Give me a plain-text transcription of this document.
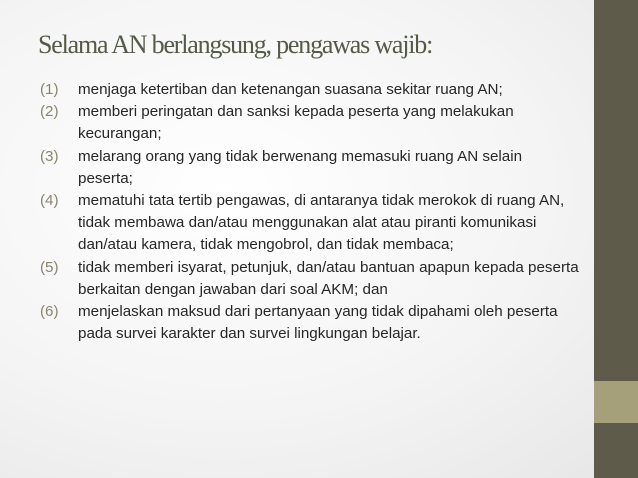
Selama AN berlangsung, pengawas wajib:
(1) menjaga ketertiban dan ketenangan suasana sekitar ruang AN;
(2) memberi peringatan dan sanksi kepada peserta yang melakukan kecurangan;
(3) melarang orang yang tidak berwenang memasuki ruang AN selain peserta;
(4) mematuhi tata tertib pengawas, di antaranya tidak merokok di ruang AN, tidak membawa dan/atau menggunakan alat atau piranti komunikasi dan/atau kamera, tidak mengobrol, dan tidak membaca;
(5) tidak memberi isyarat, petunjuk, dan/atau bantuan apapun kepada peserta berkaitan dengan jawaban dari soal AKM; dan
(6) menjelaskan maksud dari pertanyaan yang tidak dipahami oleh peserta pada survei karakter dan survei lingkungan belajar.
